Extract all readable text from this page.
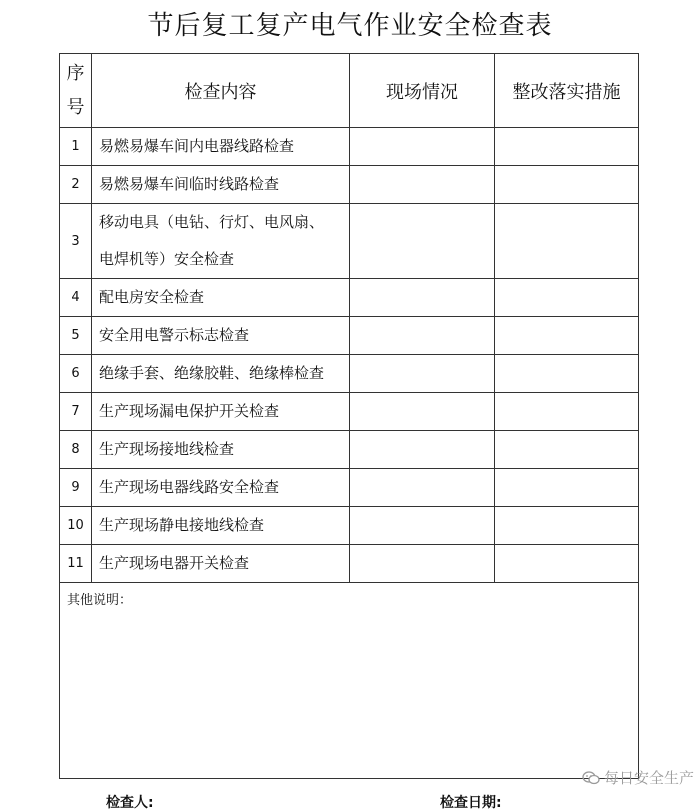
节后复工复产电气作业安全检查表
序
号	检查内容	现场情况	整改落实措施
1	易燃易爆车间内电器线路检查		
2	易燃易爆车间临时线路检查		
3	移动电具（电钻、行灯、电风扇、
电焊机等）安全检查		

4	配电房安全检查		
5	安全用电警示标志检查		
6	绝缘手套、绝缘胶鞋、绝缘棒检查		
7	生产现场漏电保护开关检查		
8	生产现场接地线检查		
9	生产现场电器线路安全检查		
10	生产现场静电接地线检查		
11	生产现场电器开关检查		
其他说明：			
检查人:	检查日期:
每日安全生产
